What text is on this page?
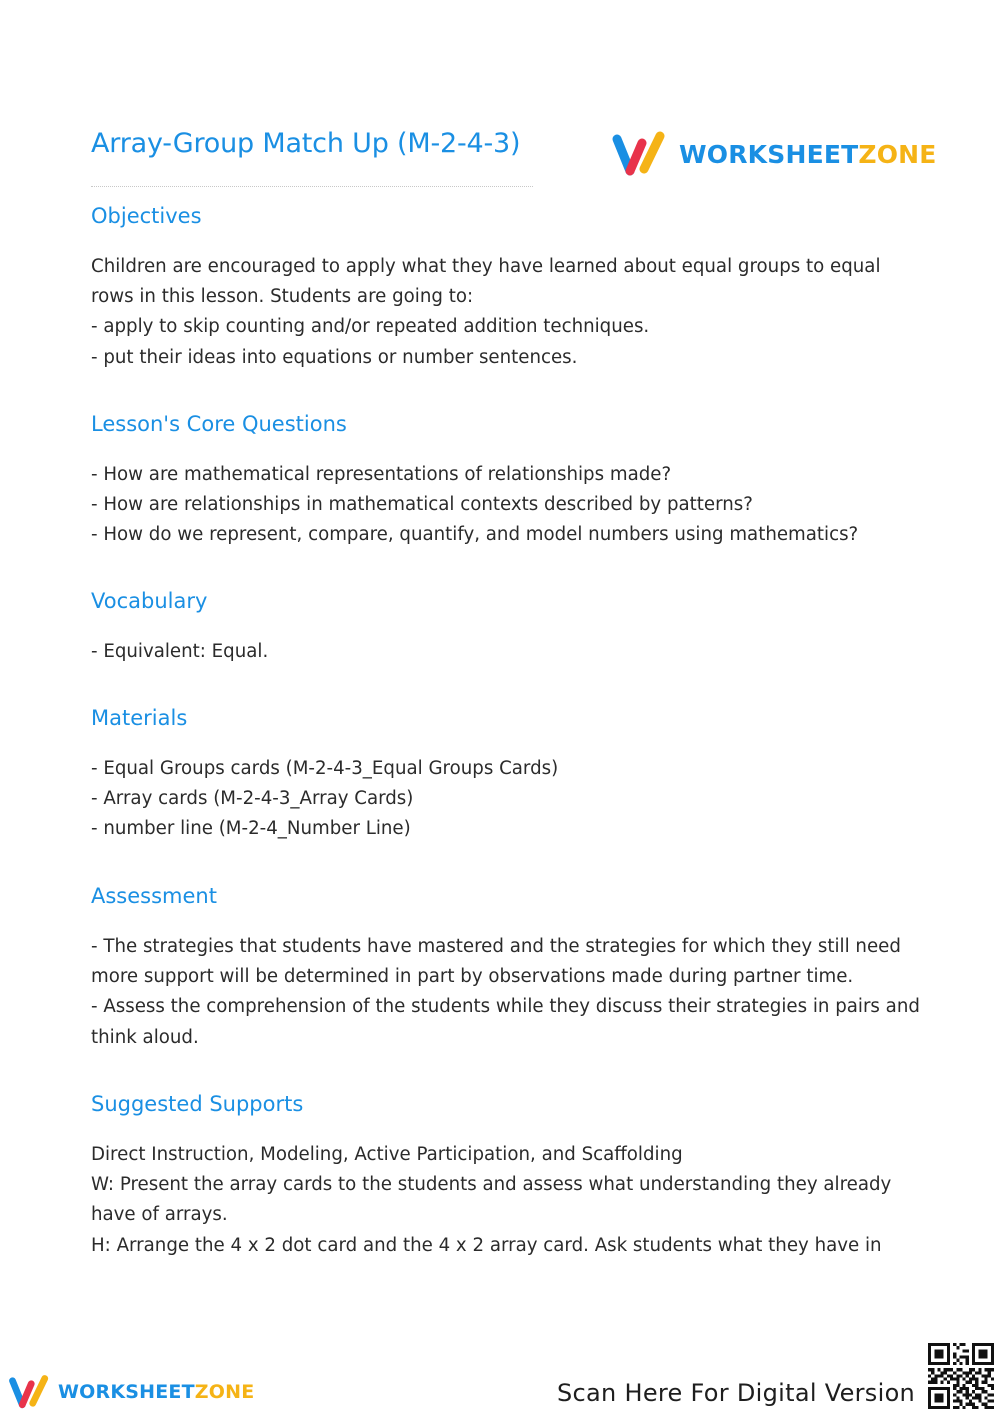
Array-Group Match Up (M-2-4-3)	WORKSHEETZONE
Objectives
Children are encouraged to apply what they have learned about equal groups to equal
rows in this lesson. Students are going to:
- apply to skip counting and/or repeated addition techniques.
- put their ideas into equations or number sentences.
Lesson's Core Questions
- How are mathematical representations of relationships made?
- How are relationships in mathematical contexts described by patterns?
- How do we represent, compare, quantify, and model numbers using mathematics?
Vocabulary
- Equivalent: Equal.
Materials
- Equal Groups cards (M-2-4-3_Equal Groups Cards)
- Array cards (M-2-4-3_Array Cards)
- number line (M-2-4_Number Line)
Assessment
- The strategies that students have mastered and the strategies for which they still need
more support will be determined in part by observations made during partner time.
- Assess the comprehension of the students while they discuss their strategies in pairs and
think aloud.
Suggested Supports
Direct Instruction, Modeling, Active Participation, and Scaffolding
W: Present the array cards to the students and assess what understanding they already
have of arrays.
H: Arrange the 4 x 2 dot card and the 4 x 2 array card. Ask students what they have in
WORKSHEETZONE	Scan Here For Digital Version
